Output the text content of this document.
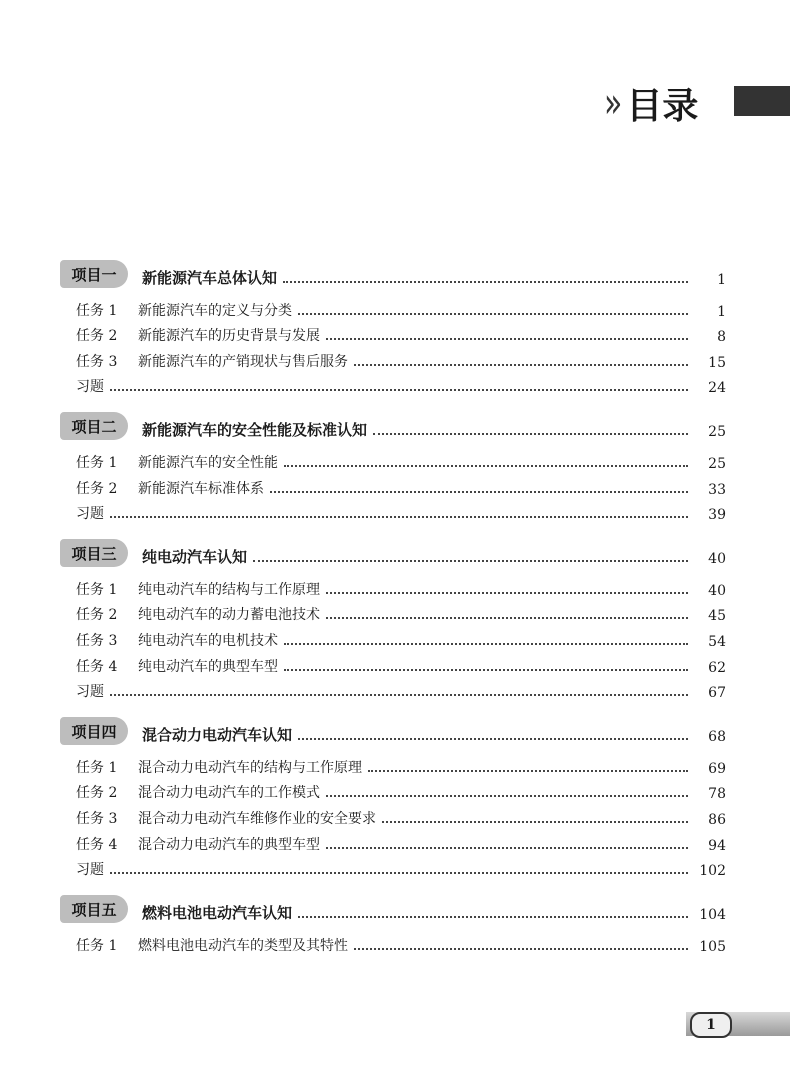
» 目录
项目一	新能源汽车总体认知	1
任务 1	新能源汽车的定义与分类	1
任务 2	新能源汽车的历史背景与发展	8
任务 3	新能源汽车的产销现状与售后服务	15
习题	24
项目二	新能源汽车的安全性能及标准认知	25
任务 1	新能源汽车的安全性能	25
任务 2	新能源汽车标准体系	33
习题	39
项目三	纯电动汽车认知	40
任务 1	纯电动汽车的结构与工作原理	40
任务 2	纯电动汽车的动力蓄电池技术	45
任务 3	纯电动汽车的电机技术	54
任务 4	纯电动汽车的典型车型	62
习题	67
项目四	混合动力电动汽车认知	68
任务 1	混合动力电动汽车的结构与工作原理	69
任务 2	混合动力电动汽车的工作模式	78
任务 3	混合动力电动汽车维修作业的安全要求	86
任务 4	混合动力电动汽车的典型车型	94
习题	102
项目五	燃料电池电动汽车认知	104
任务 1	燃料电池电动汽车的类型及其特性	105
1
